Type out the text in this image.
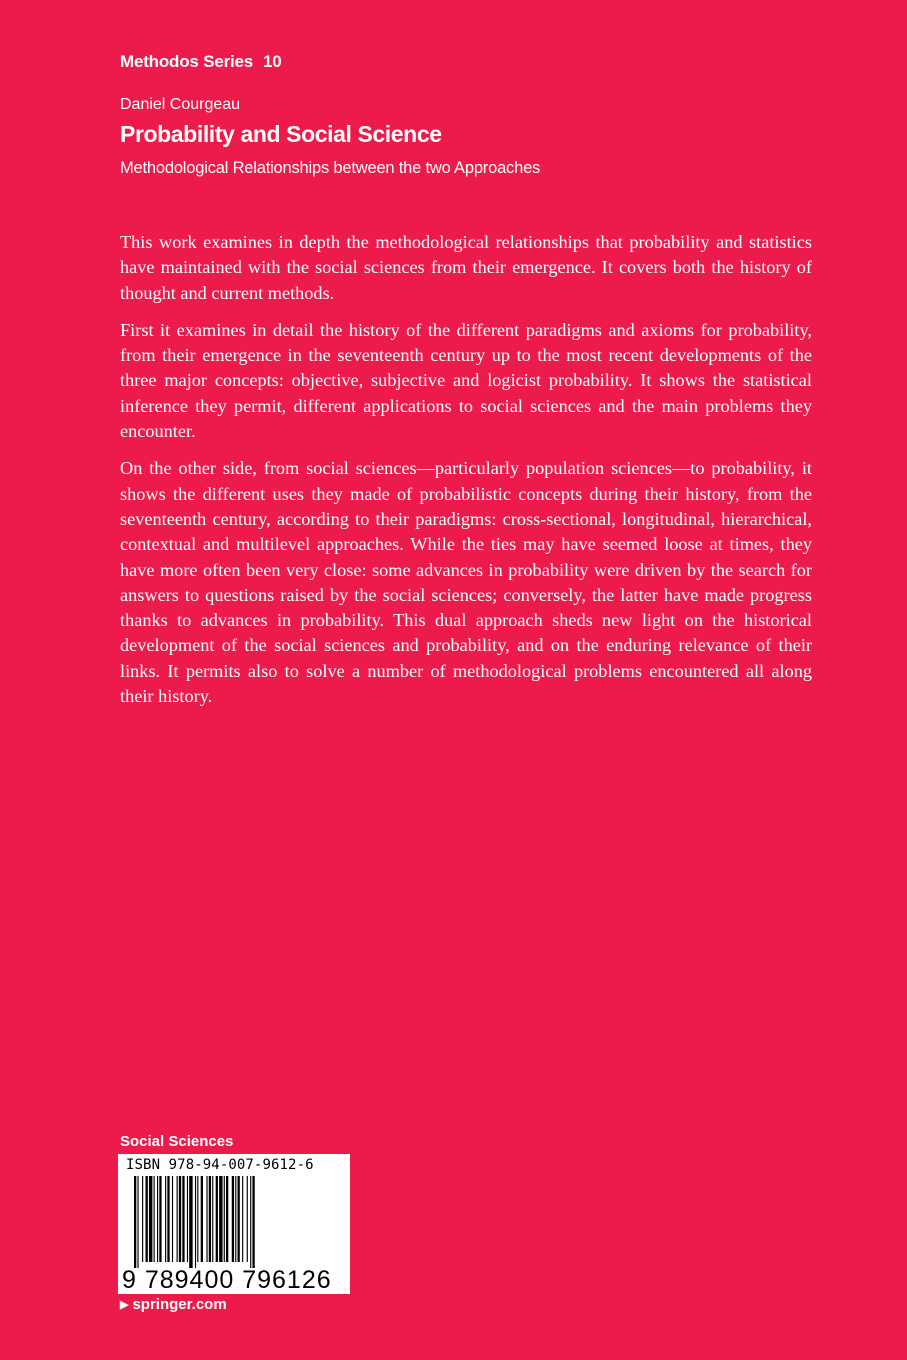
Methodos Series 10
Daniel Courgeau
Probability and Social Science
Methodological Relationships between the two Approaches

This work examines in depth the methodological relationships that probability and statistics have maintained with the social sciences from their emergence. It covers both the history of thought and current methods.

First it examines in detail the history of the different paradigms and axioms for probability, from their emergence in the seventeenth century up to the most recent developments of the three major concepts: objective, subjective and logicist probability. It shows the statistical inference they permit, different applications to social sciences and the main problems they encounter.

On the other side, from social sciences—particularly population sciences—to probability, it shows the different uses they made of probabilistic concepts during their history, from the seventeenth century, according to their paradigms: cross-sectional, longitudinal, hierarchical, contextual and multilevel approaches. While the ties may have seemed loose at times, they have more often been very close: some advances in probability were driven by the search for answers to questions raised by the social sciences; conversely, the latter have made progress thanks to advances in probability. This dual approach sheds new light on the historical development of the social sciences and probability, and on the enduring relevance of their links. It permits also to solve a number of methodological problems encountered all along their history.

Social Sciences
ISBN 978-94-007-9612-6
9 789400 796126
▶ springer.com
